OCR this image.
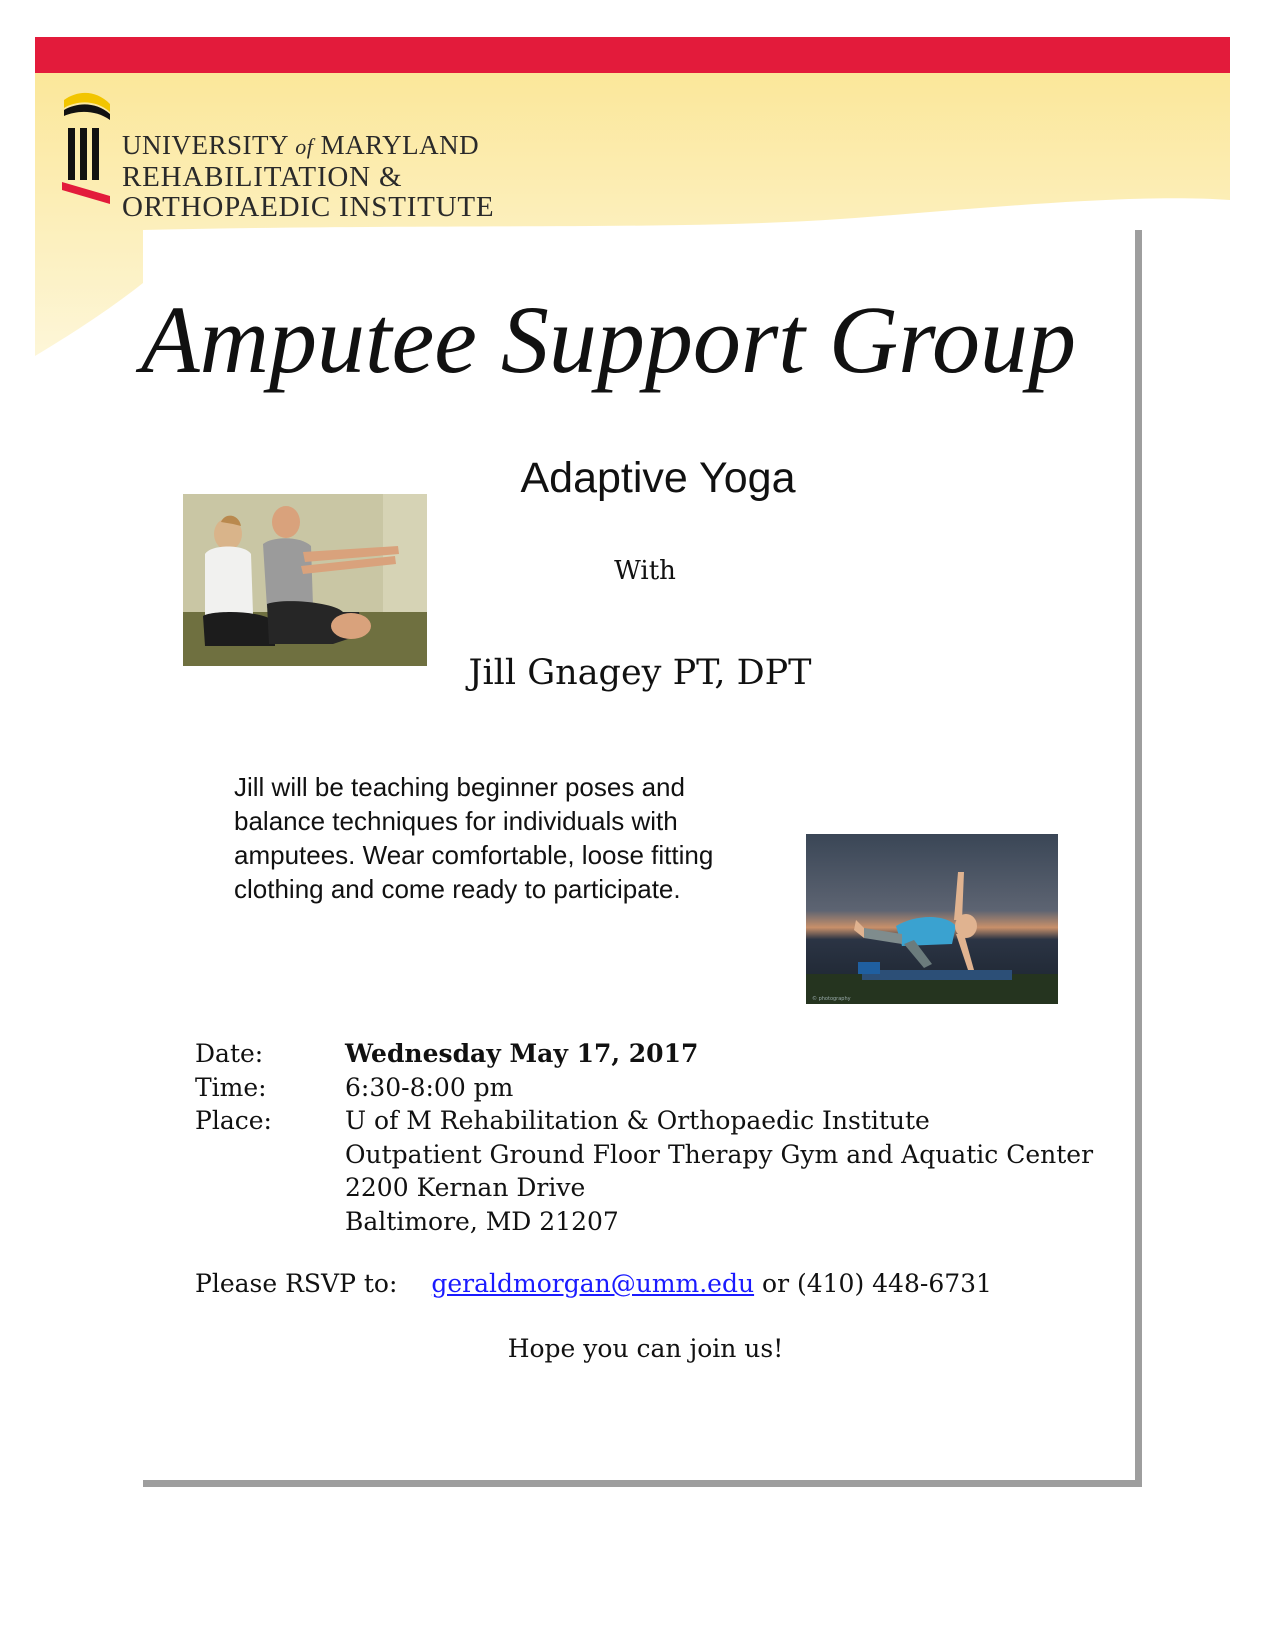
UNIVERSITY of MARYLAND
REHABILITATION &
ORTHOPAEDIC INSTITUTE
Amputee Support Group
Adaptive Yoga
With
Jill Gnagey PT, DPT
Jill will be teaching beginner poses and balance techniques for individuals with amputees. Wear comfortable, loose fitting clothing and come ready to participate.
© photography
Date:	Wednesday May 17, 2017
Time:	6:30-8:00 pm
Place:	U of M Rehabilitation & Orthopaedic Institute
Outpatient Ground Floor Therapy Gym and Aquatic Center
2200 Kernan Drive
Baltimore, MD 21207
Please RSVP to: geraldmorgan@umm.edu or (410) 448-6731
Hope you can join us!
